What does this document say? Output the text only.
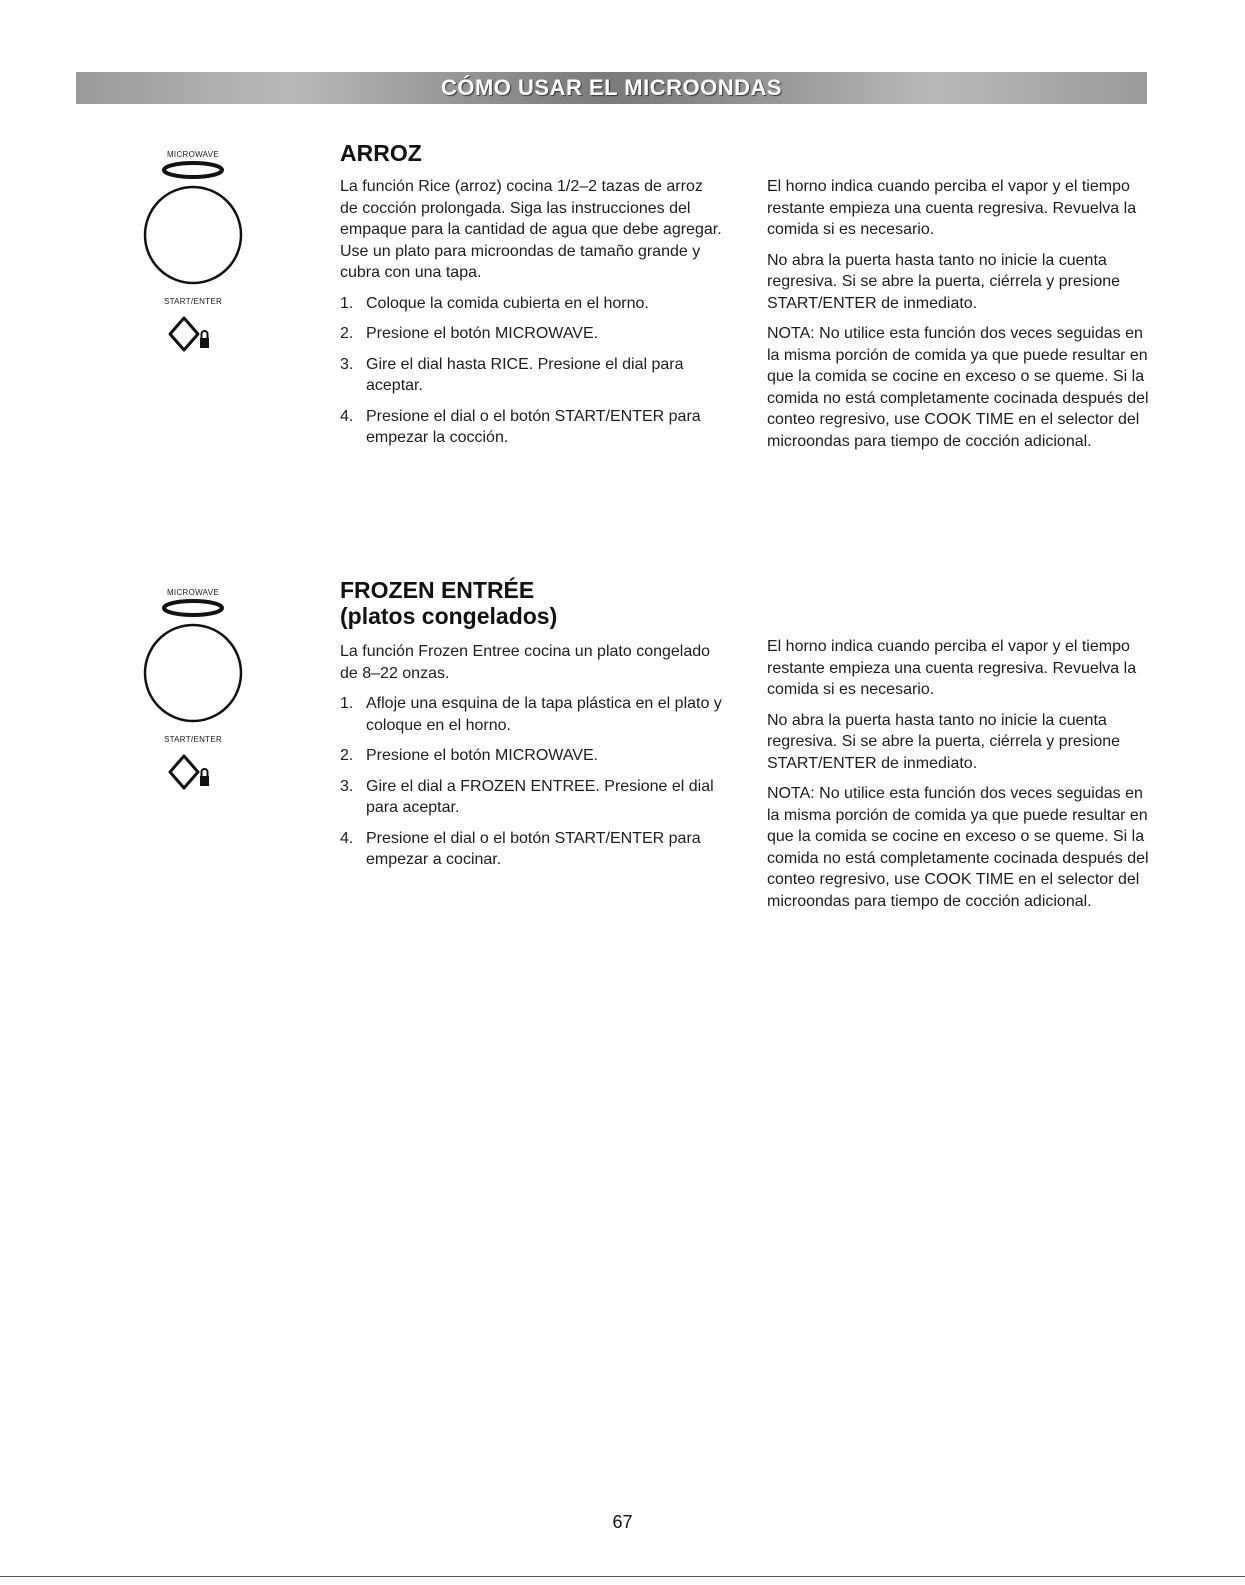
CÓMO USAR EL MICROONDAS
MICROWAVE
START/ENTER
ARROZ

La función Rice (arroz) cocina 1/2–2 tazas de arroz de cocción prolongada. Siga las instrucciones del empaque para la cantidad de agua que debe agregar. Use un plato para microondas de tamaño grande y cubra con una tapa.

1. Coloque la comida cubierta en el horno.
2. Presione el botón MICROWAVE.
3. Gire el dial hasta RICE. Presione el dial para aceptar.
4. Presione el dial o el botón START/ENTER para empezar la cocción.

El horno indica cuando perciba el vapor y el tiempo restante empieza una cuenta regresiva. Revuelva la comida si es necesario.

No abra la puerta hasta tanto no inicie la cuenta regresiva. Si se abre la puerta, ciérrela y presione START/ENTER de inmediato.

NOTA: No utilice esta función dos veces seguidas en la misma porción de comida ya que puede resultar en que la comida se cocine en exceso o se queme. Si la comida no está completamente cocinada después del conteo regresivo, use COOK TIME en el selector del microondas para tiempo de cocción adicional.

MICROWAVE
START/ENTER
FROZEN ENTRÉE
(platos congelados)

La función Frozen Entree cocina un plato congelado de 8–22 onzas.

1. Afloje una esquina de la tapa plástica en el plato y coloque en el horno.
2. Presione el botón MICROWAVE.
3. Gire el dial a FROZEN ENTREE. Presione el dial para aceptar.
4. Presione el dial o el botón START/ENTER para empezar a cocinar.

El horno indica cuando perciba el vapor y el tiempo restante empieza una cuenta regresiva. Revuelva la comida si es necesario.

No abra la puerta hasta tanto no inicie la cuenta regresiva. Si se abre la puerta, ciérrela y presione START/ENTER de inmediato.

NOTA: No utilice esta función dos veces seguidas en la misma porción de comida ya que puede resultar en que la comida se cocine en exceso o se queme. Si la comida no está completamente cocinada después del conteo regresivo, use COOK TIME en el selector del microondas para tiempo de cocción adicional.

67
